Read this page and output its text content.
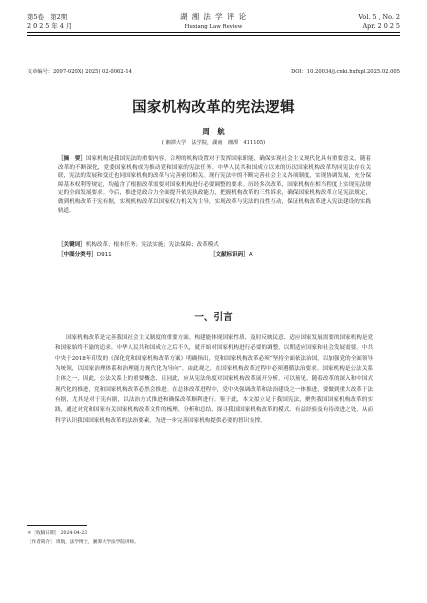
第5卷　第2期
2 0 2 5 年 4 月
湖 湘 法 学 评 论
Huxiang Law Review
Vol. 5 , No. 2
Apr. 2 0 2 5
文章编号：2097-020X( 2025) 02-0062-14	DOI：10.20034/j.cnki.hxfxpl.2025.02.005
国家机构改革的宪法逻辑
周　航
( 湘潭大学　法学院，湖南　湘潭　411105)
［摘　要］国家机构是我国宪法的重要内容，合理的机构设置对于发挥国家职能，确保实现社会主义现代化具有重要意义。随着改革的不断深化，党委国家机构成为推动党和国家的宪法任务。中华人民共和国成立以来的历次国家机构改革均同宪法存在关联，宪法的发展和变迁也同国家机构的改革与完善密切相关。现行宪法中的不断完善社会主义各项制度，实现协调发展，充分保障基本权利等规定，均蕴含了根据改革需要对国家机构进行必要调整的要求。历经多次改革，国家机构在相当程度上实现宪法规定的全面发展要求。今后，推进党政合力全面提升依宪执政能力，把握机构改革的三性诉求，确保国家机构改革立足宪法规定，做到机构改革于宪有据，实现机构改革以国家权力机关为主导，实现改革与宪法的良性互动，保证机构改革进入宪法建设的实践轨道。
［关键词］机构改革；根本任务；宪法实施；宪法保障；改革模式
［中图分类号］D911	［文献标识码］A
一、引言

国家机构改革是完善我国社会主义制度的重要方面。构建能体现国家性质、及时反映民意、适应国家发展需要的国家机构是党和国家始终不渝的追求。中华人民共和国成立之后不久，就开始对国家机构进行必要的调整，以期适应国家和社会发展需要。中共中央于2018年印发的《深化党和国家机构改革方案》明确指出，党和国家机构改革必须“坚持全面依法治国，以加强党的全面领导为统领，以国家治理体系和治理能力现代化为导向”。由此观之，在国家机构改革过程中必须遵循法治要求。国家机构是公法关系主体之一，因此，公法关系上的重要概念、且同此，应从宪法角度对国家机构改革展开分析。可以预见，随着改革的深入和中国式现代化的推进，党和国家机构改革必然会推进。在总体改革进程中，党中央强调改革和法治建设之一体推进，要做到重大改革于法有据，尤其是对于宪有据，以法治方式推进和确保改革顺利进行。鉴于此，本文拟立足于我国宪法，聚焦我国国家机构改革的实践，通过对党和国家有关国家机构改革文件的梳理、分析和总结，探寻我国国家机构改革的模式、有益经验及有待改进之处，从而科学认识我国国家机构改革的法治要素，为进一步完善国家机构提供必要的智识支撑。

＊［收稿日期］ 2024-04-23
［作者简介］ 周航，法学博士，湘潭大学法学院讲师。
